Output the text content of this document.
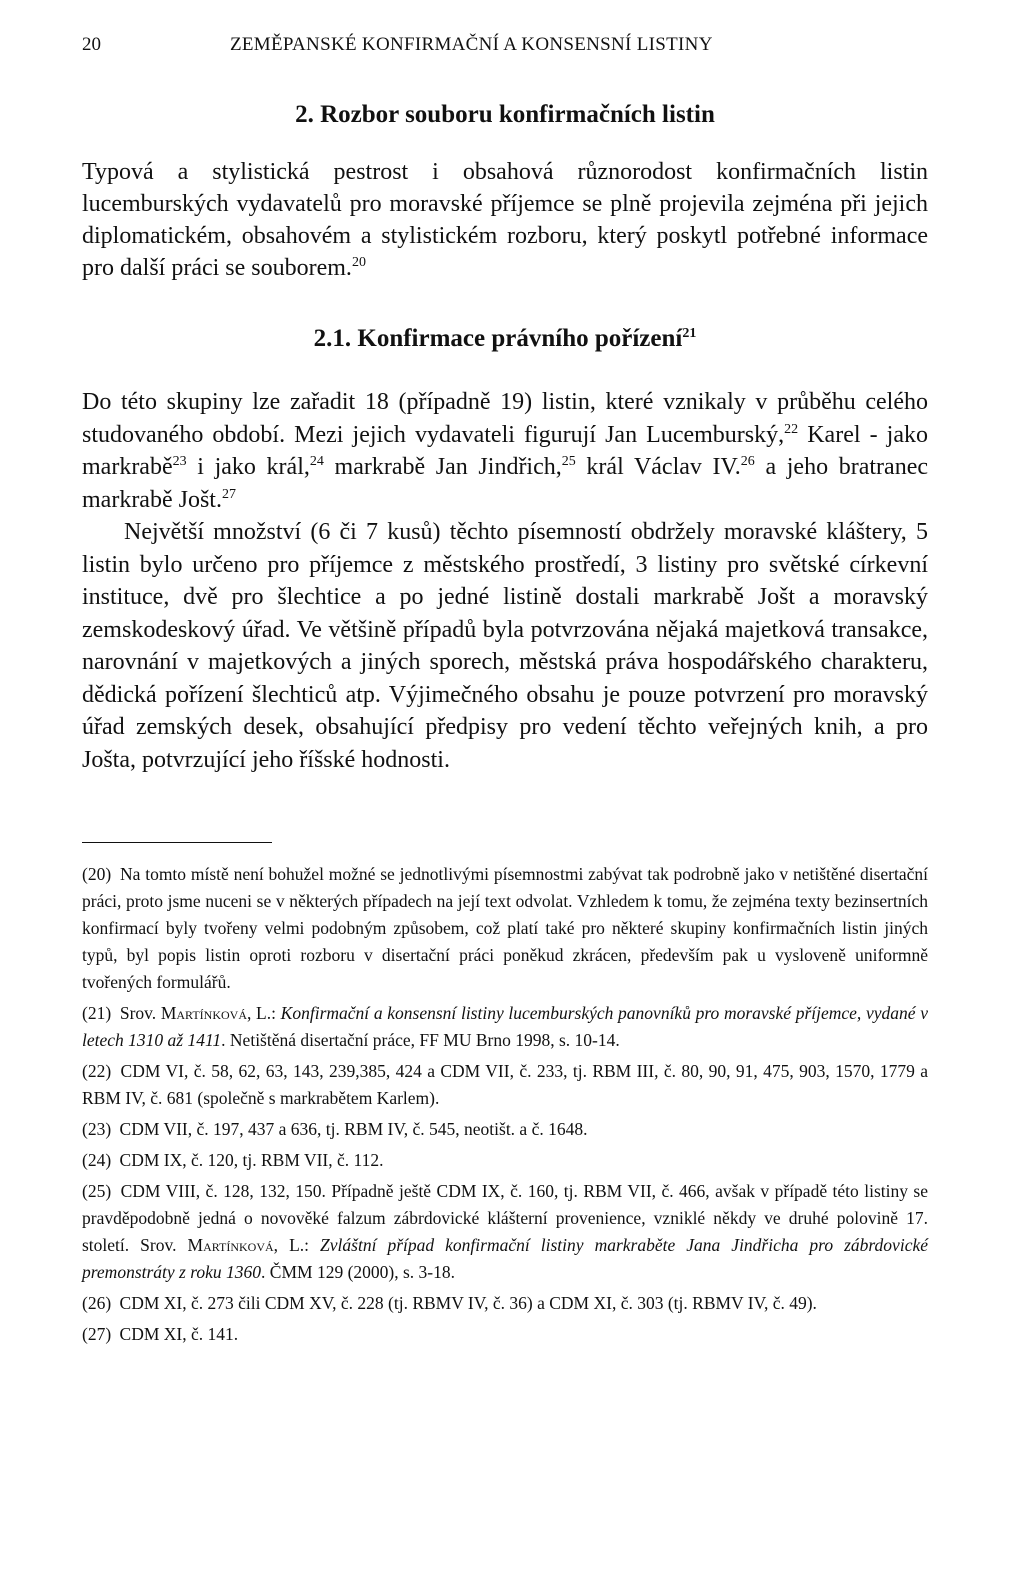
20	ZEMĚPANSKÉ KONFIRMAČNÍ A KONSENSNÍ LISTINY
2. Rozbor souboru konfirmačních listin

Typová a stylistická pestrost i obsahová různorodost konfirmačních listin lucemburských vydavatelů pro moravské příjemce se plně projevila zejména při jejich diplomatickém, obsahovém a stylistickém rozboru, který poskytl potřebné informace pro další práci se souborem.$^{20}$

2.1. Konfirmace právního pořízení$^{21}$

Do této skupiny lze zařadit 18 (případně 19) listin, které vznikaly v průběhu celého studovaného období. Mezi jejich vydavateli figurují Jan Lucemburský,$^{22}$ Karel - jako markrabě$^{23}$ i jako král,$^{24}$ markrabě Jan Jindřich,$^{25}$ král Václav IV.$^{26}$ a jeho bratranec markrabě Jošt.$^{27}$

Největší množství (6 či 7 kusů) těchto písemností obdržely moravské kláštery, 5 listin bylo určeno pro příjemce z městského prostředí, 3 listiny pro světské církevní instituce, dvě pro šlechtice a po jedné listině dostali markrabě Jošt a moravský zemskodeskový úřad. Ve většině případů byla potvrzována nějaká majetková transakce, narovnání v majetkových a jiných sporech, městská práva hospodářského charakteru, dědická pořízení šlechticů atp. Výjimečného obsahu je pouze potvrzení pro moravský úřad zemských desek, obsahující předpisy pro vedení těchto veřejných knih, a pro Jošta, potvrzující jeho říšské hodnosti.

(20) Na tomto místě není bohužel možné se jednotlivými písemnostmi zabývat tak podrobně jako v netištěné disertační práci, proto jsme nuceni se v některých případech na její text odvolat. Vzhledem k tomu, že zejména texty bezinsertních konfirmací byly tvořeny velmi podobným způsobem, což platí také pro některé skupiny konfirmačních listin jiných typů, byl popis listin oproti rozboru v disertační práci poněkud zkrácen, především pak u vysloveně uniformně tvořených formulářů.

(21) Srov. Martínková, L.: Konfirmační a konsensní listiny lucemburských panovníků pro moravské příjemce, vydané v letech 1310 až 1411. Netištěná disertační práce, FF MU Brno 1998, s. 10-14.

(22) CDM VI, č. 58, 62, 63, 143, 239,385, 424 a CDM VII, č. 233, tj. RBM III, č. 80, 90, 91, 475, 903, 1570, 1779 a RBM IV, č. 681 (společně s markrabětem Karlem).

(23) CDM VII, č. 197, 437 a 636, tj. RBM IV, č. 545, neotišt. a č. 1648.

(24) CDM IX, č. 120, tj. RBM VII, č. 112.

(25) CDM VIII, č. 128, 132, 150. Případně ještě CDM IX, č. 160, tj. RBM VII, č. 466, avšak v případě této listiny se pravděpodobně jedná o novověké falzum zábrdovické klášterní provenience, vzniklé někdy ve druhé polovině 17. století. Srov. Martínková, L.: Zvláštní případ konfirmační listiny markraběte Jana Jindřicha pro zábrdovické premonstráty z roku 1360. ČMM 129 (2000), s. 3-18.

(26) CDM XI, č. 273 čili CDM XV, č. 228 (tj. RBMV IV, č. 36) a CDM XI, č. 303 (tj. RBMV IV, č. 49).

(27) CDM XI, č. 141.
